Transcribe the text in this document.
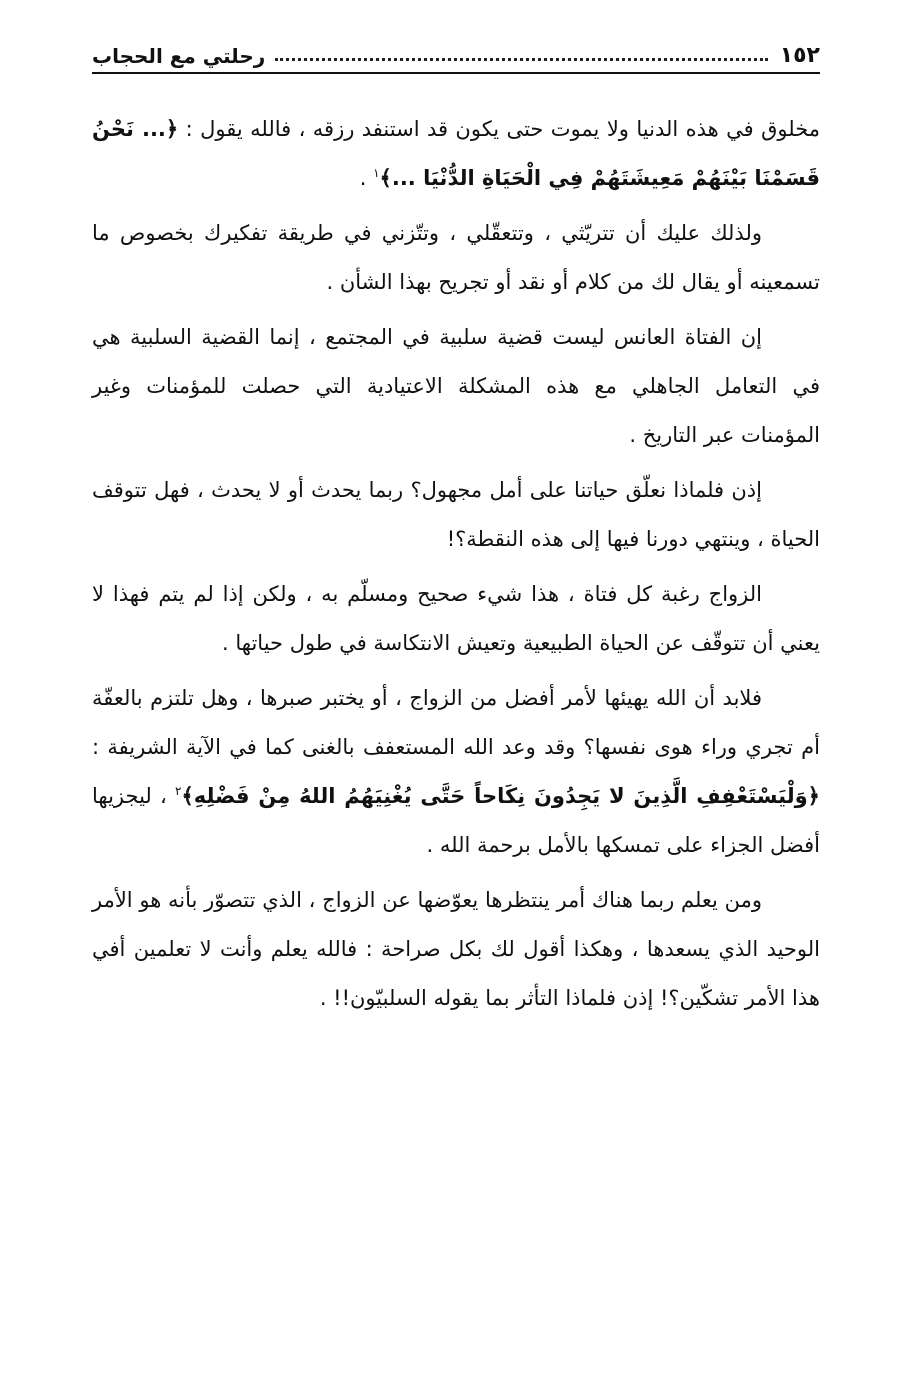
١٥٢
رحلتي مع الحجاب

مخلوق في هذه الدنيا ولا يموت حتى يكون قد استنفد رزقه ، فالله يقول : ﴿... نَحْنُ قَسَمْنَا بَيْنَهُمْ مَعِيشَتَهُمْ فِي الْحَيَاةِ الدُّنْيَا ...﴾$^١$ .

ولذلك عليك أن تتريّثي ، وتتعقّلي ، وتتّزني في طريقة تفكيرك بخصوص ما تسمعينه أو يقال لك من كلام أو نقد أو تجريح بهذا الشأن .

إن الفتاة العانس ليست قضية سلبية في المجتمع ، إنما القضية السلبية هي في التعامل الجاهلي مع هذه المشكلة الاعتيادية التي حصلت للمؤمنات وغير المؤمنات عبر التاريخ .

إذن فلماذا نعلّق حياتنا على أمل مجهول؟ ربما يحدث أو لا يحدث ، فهل تتوقف الحياة ، وينتهي دورنا فيها إلى هذه النقطة؟!

الزواج رغبة كل فتاة ، هذا شيء صحيح ومسلّم به ، ولكن إذا لم يتم فهذا لا يعني أن تتوقّف عن الحياة الطبيعية وتعيش الانتكاسة في طول حياتها .

فلابد أن الله يهيئها لأمر أفضل من الزواج ، أو يختبر صبرها ، وهل تلتزم بالعفّة أم تجري وراء هوى نفسها؟ وقد وعد الله المستعفف بالغنى كما في الآية الشريفة : ﴿وَلْيَسْتَعْفِفِ الَّذِينَ لا يَجِدُونَ نِكَاحاً حَتَّى يُغْنِيَهُمُ اللهُ مِنْ فَضْلِهِ﴾$^٢$ ، ليجزيها أفضل الجزاء على تمسكها بالأمل برحمة الله .

ومن يعلم ربما هناك أمر ينتظرها يعوّضها عن الزواج ، الذي تتصوّر بأنه هو الأمر الوحيد الذي يسعدها ، وهكذا أقول لك بكل صراحة : فالله يعلم وأنت لا تعلمين أفي هذا الأمر تشكّين؟! إذن فلماذا التأثر بما يقوله السلبيّون!! .
